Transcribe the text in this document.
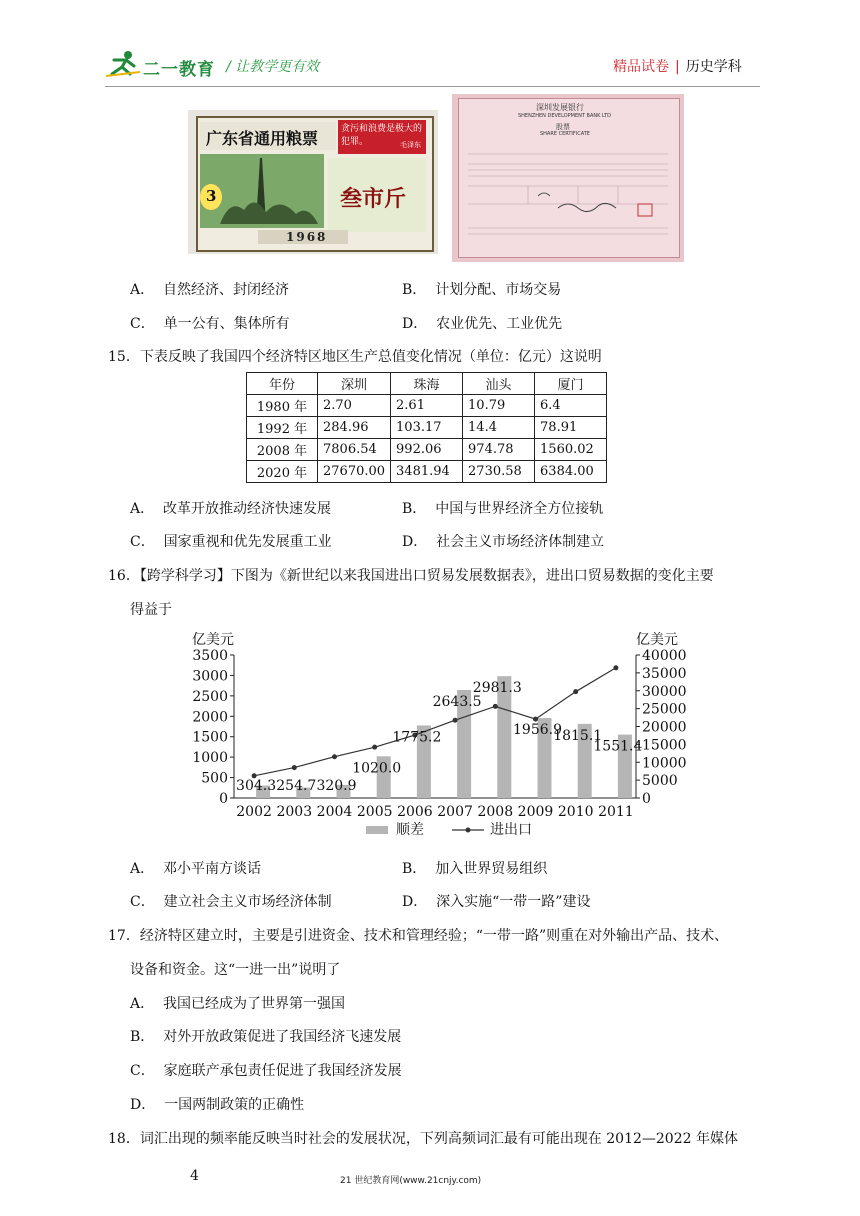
二一教育 / 让教学更有效	精品试卷 | 历史学科
广东省通用粮票	贪污和浪费是极大的犯罪。	毛泽东
3	叁市斤
1968
深圳发展银行
SHENZHEN DEVELOPMENT BANK LTD
股票
SHARE CERTIFICATE
A． 自然经济、封闭经济	B． 计划分配、市场交易
C． 单一公有、集体所有	D． 农业优先、工业优先
15．下表反映了我国四个经济特区地区生产总值变化情况（单位：亿元）这说明
年份	深圳	珠海	汕头	厦门
1980 年	2.70	2.61	10.79	6.4
1992 年	284.96	103.17	14.4	78.91
2008 年	7806.54	992.06	974.78	1560.02
2020 年	27670.00	3481.94	2730.58	6384.00
A． 改革开放推动经济快速发展	B． 中国与世界经济全方位接轨
C． 国家重视和优先发展重工业	D． 社会主义市场经济体制建立
16．【跨学科学习】下图为《新世纪以来我国进出口贸易发展数据表》，进出口贸易数据的变化主要
得益于
亿美元	亿美元
0
500
1000
1500
2000
2500
3000
3500
0
5000
10000
15000
20000
25000
30000
35000
40000
2002 2003 2004 2005 2006 2007 2008 2009 2010 2011
304.3 254.7 320.9
1020.0
1775.2
2643.5
2981.3
1956.9
1815.1
1551.4
顺差	进出口
A． 邓小平南方谈话	B． 加入世界贸易组织
C． 建立社会主义市场经济体制	D． 深入实施“一带一路”建设
17．经济特区建立时，主要是引进资金、技术和管理经验；“一带一路”则重在对外输出产品、技术、
设备和资金。这“一进一出”说明了
A． 我国已经成为了世界第一强国
B． 对外开放政策促进了我国经济飞速发展
C． 家庭联产承包责任促进了我国经济发展
D． 一国两制政策的正确性
18．词汇出现的频率能反映当时社会的发展状况，下列高频词汇最有可能出现在 2012—2022 年媒体
4	21 世纪教育网(www.21cnjy.com)
